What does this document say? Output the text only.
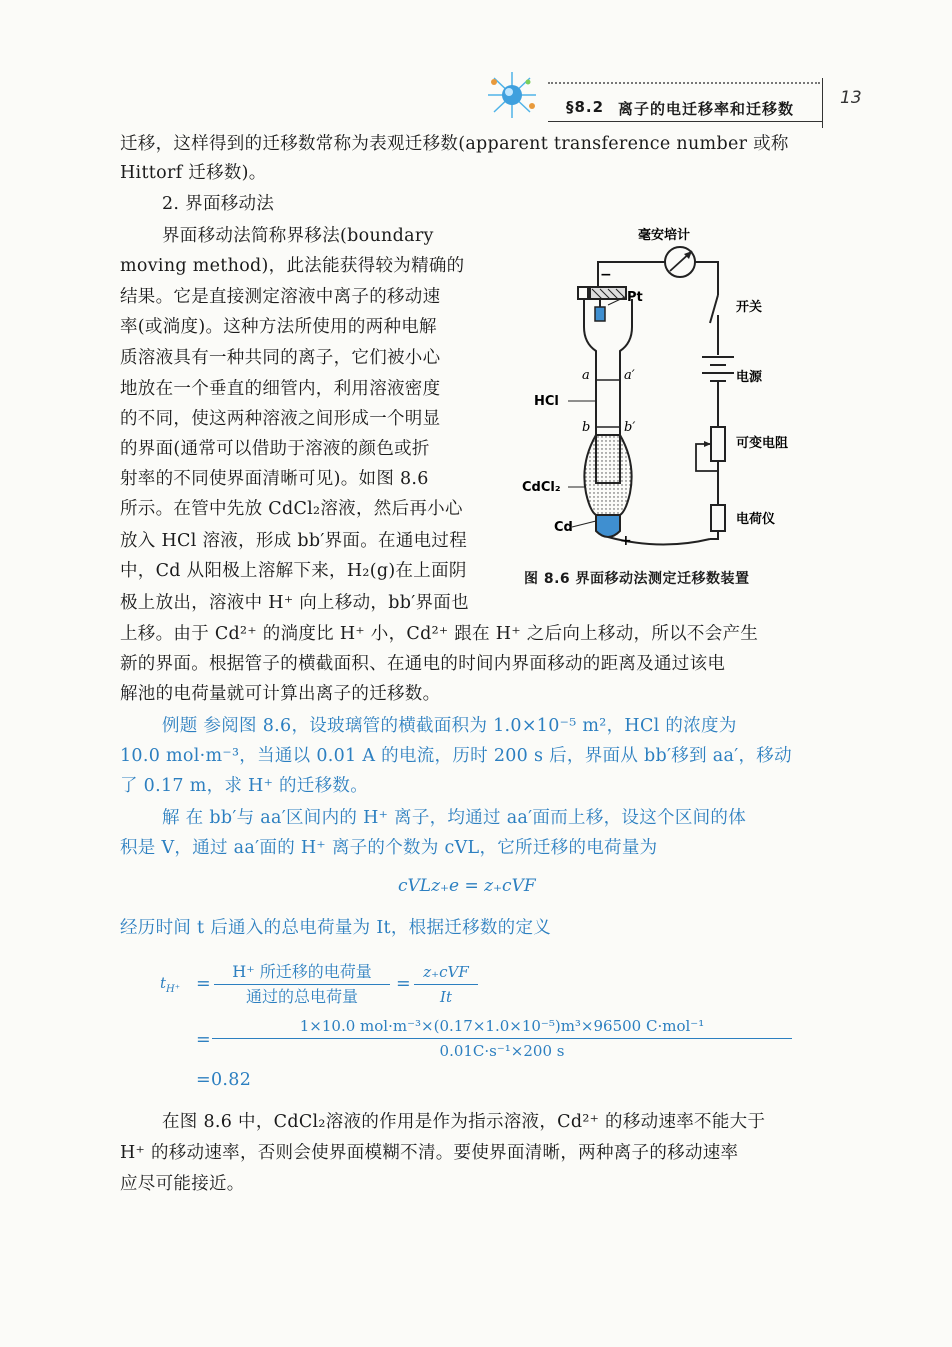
§8.2 离子的电迁移率和迁移数
13
迁移，这样得到的迁移数常称为表观迁移数(apparent transference number 或称
Hittorf 迁移数)。
2. 界面移动法
界面移动法简称界移法(boundary
moving method)，此法能获得较为精确的
结果。它是直接测定溶液中离子的移动速
率(或淌度)。这种方法所使用的两种电解
质溶液具有一种共同的离子，它们被小心
地放在一个垂直的细管内，利用溶液密度
的不同，使这两种溶液之间形成一个明显
的界面(通常可以借助于溶液的颜色或折
射率的不同使界面清晰可见)。如图 8.6
所示。在管中先放 CdCl₂溶液，然后再小心
放入 HCl 溶液，形成 bb′界面。在通电过程
中，Cd 从阳极上溶解下来，H₂(g)在上面阴
极上放出，溶液中 H⁺ 向上移动，bb′界面也
毫安培计
−
Pt
开关
a	a′	电源
HCl
b	b′
可变电阻
CdCl₂
Cd
电荷仪
+
图 8.6 界面移动法测定迁移数装置
上移。由于 Cd²⁺ 的淌度比 H⁺ 小，Cd²⁺ 跟在 H⁺ 之后向上移动，所以不会产生
新的界面。根据管子的横截面积、在通电的时间内界面移动的距离及通过该电
解池的电荷量就可计算出离子的迁移数。
例题 参阅图 8.6，设玻璃管的横截面积为 1.0×10⁻⁵ m²，HCl 的浓度为
10.0 mol·m⁻³，当通以 0.01 A 的电流，历时 200 s 后，界面从 bb′移到 aa′，移动
了 0.17 m，求 H⁺ 的迁移数。
解 在 bb′与 aa′区间内的 H⁺ 离子，均通过 aa′面而上移，设这个区间的体
积是 V，通过 aa′面的 H⁺ 离子的个数为 cVL，它所迁移的电荷量为
cVLz₊e = z₊cVF
经历时间 t 后通入的总电荷量为 It，根据迁移数的定义
$t_{H^+}$ =
H⁺ 所迁移的电荷量
通过的总电荷量
=
z₊cVF
It
=
1×10.0 mol·m⁻³×(0.17×1.0×10⁻⁵)m³×96500 C·mol⁻¹
0.01C·s⁻¹×200 s
=0.82
在图 8.6 中，CdCl₂溶液的作用是作为指示溶液，Cd²⁺ 的移动速率不能大于
H⁺ 的移动速率，否则会使界面模糊不清。要使界面清晰，两种离子的移动速率
应尽可能接近。
